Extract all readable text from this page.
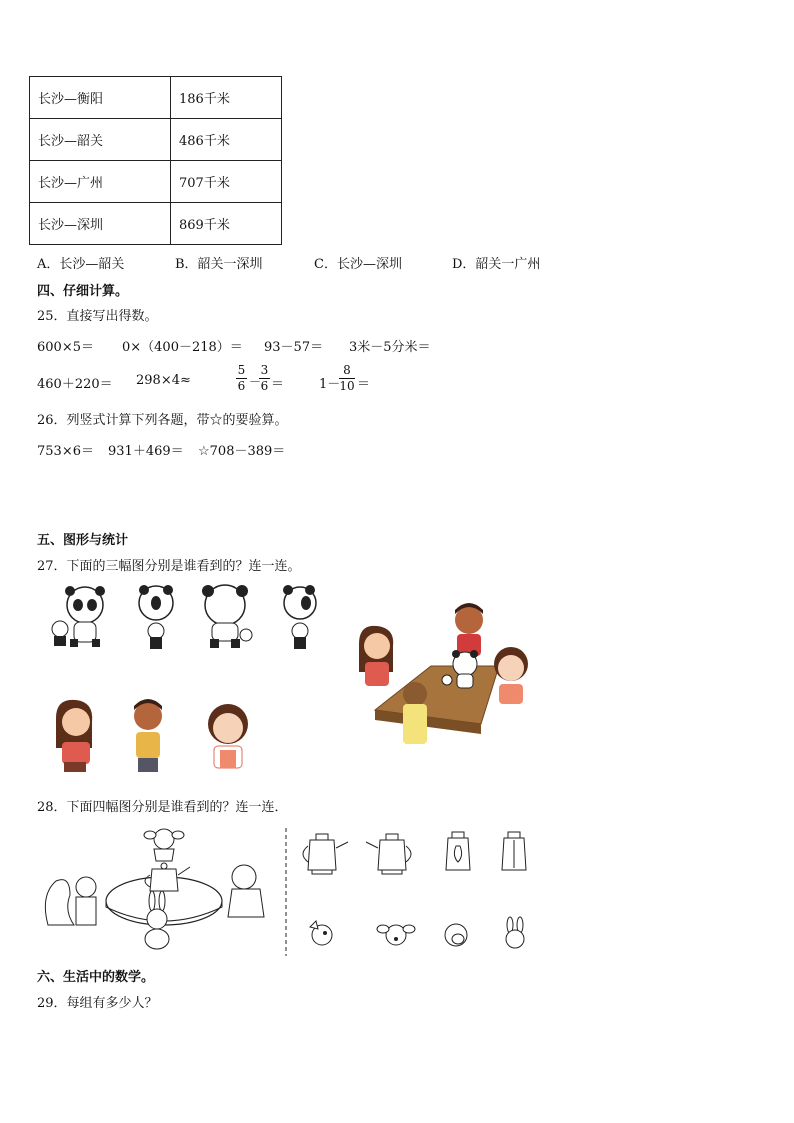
长沙—衡阳	186千米
长沙—韶关	486千米
长沙—广州	707千米
长沙—深圳	869千米
A．长沙—韶关	B．韶关一深圳	C．长沙—深圳	D．韶关一广州
四、仔细计算。
25．直接写出得数。
600×5＝ 0×（400－218）＝ 93－57＝ 3米－5分米＝
460＋220＝ 298×4≈
5
6 －
3
6 ＝	1－
8
10 ＝
26．列竖式计算下列各题，带☆的要验算。
753×6＝ 931＋469＝ ☆708－389＝
五、图形与统计
27．下面的三幅图分别是谁看到的？连一连。
28．下面四幅图分别是谁看到的？连一连．
六、生活中的数学。
29．每组有多少人？
